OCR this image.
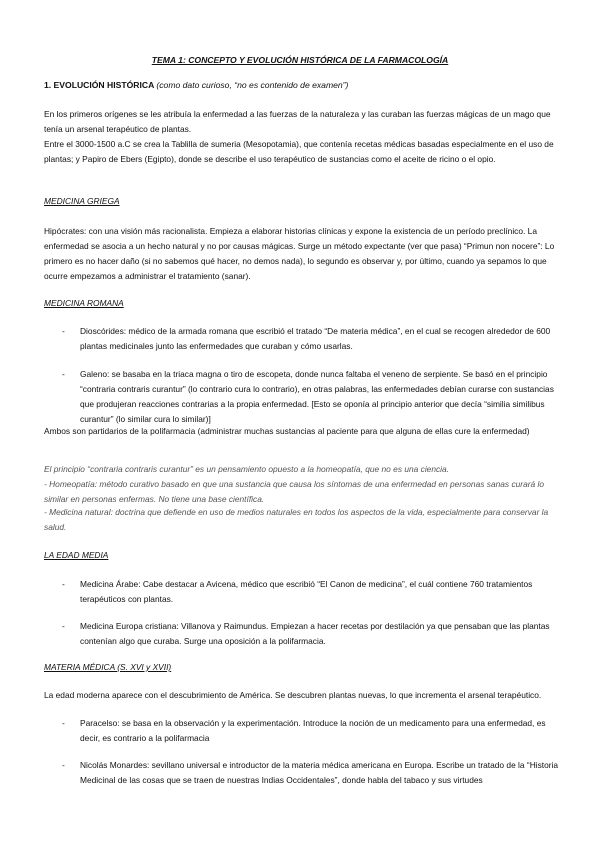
TEMA 1: CONCEPTO Y EVOLUCIÓN HISTÓRICA DE LA FARMACOLOGÍA
1. EVOLUCIÓN HISTÓRICA (como dato curioso, “no es contenido de examen”)

En los primeros orígenes se les atribuía la enfermedad a las fuerzas de la naturaleza y las curaban las fuerzas mágicas de un mago que tenía un arsenal terapéutico de plantas.

Entre el 3000-1500 a.C se crea la Tablilla de sumeria (Mesopotamia), que contenía recetas médicas basadas especialmente en el uso de plantas; y Papiro de Ebers (Egipto), donde se describe el uso terapéutico de sustancias como el aceite de ricino o el opio.

MEDICINA GRIEGA

Hipócrates: con una visión más racionalista. Empieza a elaborar historias clínicas y expone la existencia de un período preclínico. La enfermedad se asocia a un hecho natural y no por causas mágicas. Surge un método expectante (ver que pasa) “Primun non nocere”: Lo primero es no hacer daño (si no sabemos qué hacer, no demos nada), lo segundo es observar y, por último, cuando ya sepamos lo que ocurre empezamos a administrar el tratamiento (sanar).

MEDICINA ROMANA
- Dioscórides: médico de la armada romana que escribió el tratado “De materia médica”, en el cual se recogen alrededor de 600 plantas medicinales junto las enfermedades que curaban y cómo usarlas.
- Galeno: se basaba en la triaca magna o tiro de escopeta, donde nunca faltaba el veneno de serpiente. Se basó en el principio “contraria contraris curantur” (lo contrario cura lo contrario), en otras palabras, las enfermedades debían curarse con sustancias que produjeran reacciones contrarias a la propia enfermedad. [Esto se oponía al principio anterior que decía “similia similibus curantur” (lo similar cura lo similar)]

Ambos son partidarios de la polifarmacia (administrar muchas sustancias al paciente para que alguna de ellas cure la enfermedad)

El principio “contraria contraris curantur” es un pensamiento opuesto a la homeopatía, que no es una ciencia.

- Homeopatía: método curativo basado en que una sustancia que causa los síntomas de una enfermedad en personas sanas curará lo similar en personas enfermas. No tiene una base científica.

- Medicina natural: doctrina que defiende en uso de medios naturales en todos los aspectos de la vida, especialmente para conservar la salud.

LA EDAD MEDIA
- Medicina Árabe: Cabe destacar a Avicena, médico que escribió “El Canon de medicina”, el cuál contiene 760 tratamientos terapéuticos con plantas.
- Medicina Europa cristiana: Villanova y Raimundus. Empiezan a hacer recetas por destilación ya que pensaban que las plantas contenían algo que curaba. Surge una oposición a la polifarmacia.
MATERIA MÉDICA (S. XVI y XVII)

La edad moderna aparece con el descubrimiento de América. Se descubren plantas nuevas, lo que incrementa el arsenal terapéutico.

- Paracelso: se basa en la observación y la experimentación. Introduce la noción de un medicamento para una enfermedad, es decir, es contrario a la polifarmacia
- Nicolás Monardes: sevillano universal e introductor de la materia médica americana en Europa. Escribe un tratado de la “Historia Medicinal de las cosas que se traen de nuestras Indias Occidentales”, donde habla del tabaco y sus virtudes
